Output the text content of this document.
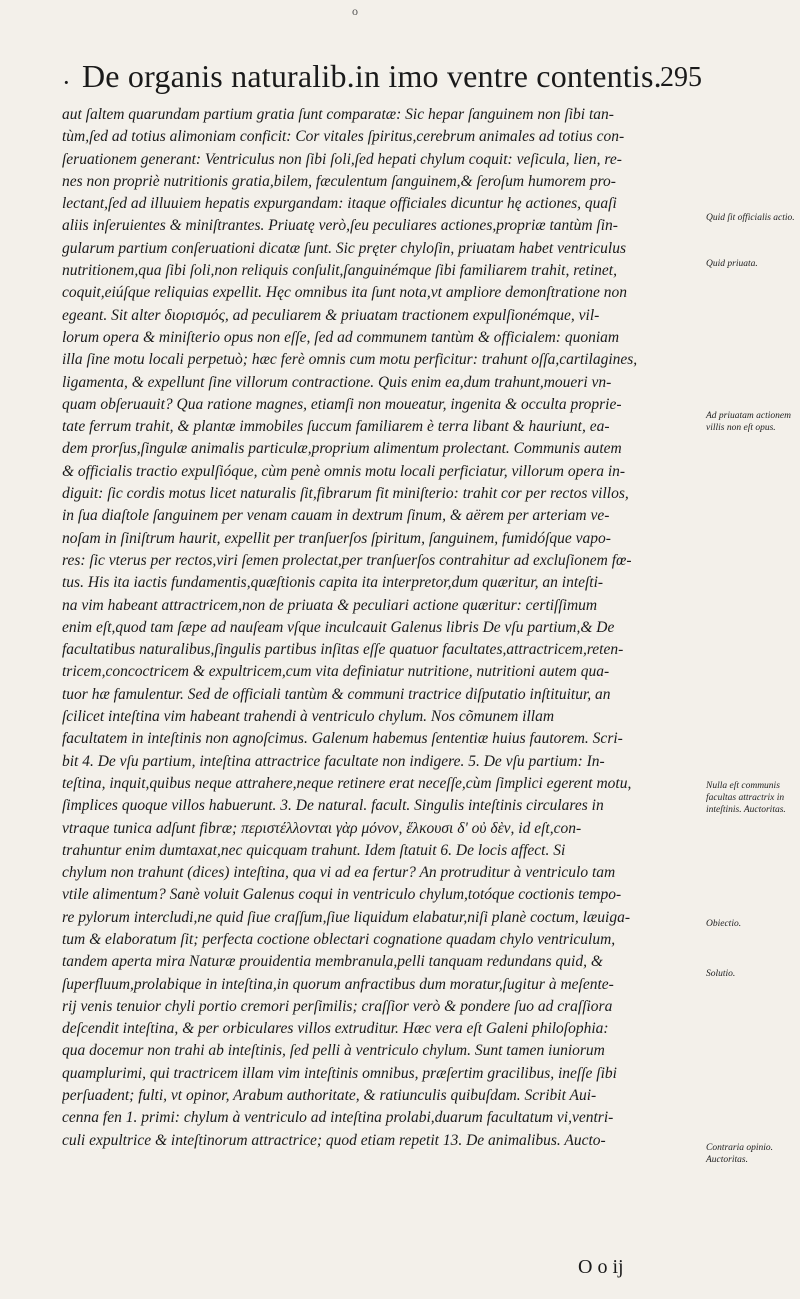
o
· De organis naturalib.in imo ventre contentis.
295
aut ſaltem quarundam partium gratia ſunt comparatæ: Sic hepar ſanguinem non ſibi tan-
tùm,ſed ad totius alimoniam conficit: Cor vitales ſpiritus,cerebrum animales ad totius con-
ſeruationem generant: Ventriculus non ſibi ſoli,ſed hepati chylum coquit: veſicula, lien, re-
nes non propriè nutritionis gratia,bilem, fæculentum ſanguinem,& ſeroſum humorem pro-
lectant,ſed ad illuuiem hepatis expurgandam: itaque officiales dicuntur hę actiones, quaſi
aliis inſeruientes & miniſtrantes. Priuatę verò,ſeu peculiares actiones,propriæ tantùm ſin-
gularum partium conſeruationi dicatæ ſunt. Sic pręter chyloſin, priuatam habet ventriculus
nutritionem,qua ſibi ſoli,non reliquis conſulit,ſanguinémque ſibi familiarem trahit, retinet,
coquit,eiúſque reliquias expellit. Hęc omnibus ita ſunt nota,vt ampliore demonſtratione non
egeant. Sit alter διορισμός, ad peculiarem & priuatam tractionem expulſionémque, vil-
lorum opera & miniſterio opus non eſſe, ſed ad communem tantùm & officialem: quoniam
illa ſine motu locali perpetuò; hæc ferè omnis cum motu perficitur: trahunt oſſa,cartilagines,
ligamenta, & expellunt ſine villorum contractione. Quis enim ea,dum trahunt,moueri vn-
quam obſeruauit? Qua ratione magnes, etiamſi non moueatur, ingenita & occulta proprie-
tate ferrum trahit, & plantæ immobiles ſuccum familiarem è terra libant & hauriunt, ea-
dem prorſus,ſingulæ animalis particulæ,proprium alimentum prolectant. Communis autem
& officialis tractio expulſióque, cùm penè omnis motu locali perficiatur, villorum opera in-
diguit: ſic cordis motus licet naturalis ſit,fibrarum fit miniſterio: trahit cor per rectos villos,
in ſua diaſtole ſanguinem per venam cauam in dextrum ſinum, & aërem per arteriam ve-
noſam in ſiniſtrum haurit, expellit per tranſuerſos ſpiritum, ſanguinem, fumidóſque vapo-
res: ſic vterus per rectos,viri ſemen prolectat,per tranſuerſos contrahitur ad excluſionem fœ-
tus. His ita iactis fundamentis,quæſtionis capita ita interpretor,dum quæritur, an inteſti-
na vim habeant attractricem,non de priuata & peculiari actione quæritur: certiſſimum
enim eſt,quod tam ſæpe ad nauſeam vſque inculcauit Galenus libris De vſu partium,& De
facultatibus naturalibus,ſingulis partibus inſitas eſſe quatuor facultates,attractricem,reten-
tricem,concoctricem & expultricem,cum vita definiatur nutritione, nutritioni autem qua-
tuor hæ famulentur. Sed de officiali tantùm & communi tractrice diſputatio inſtituitur, an
ſcilicet inteſtina vim habeant trahendi à ventriculo chylum. Nos cõmunem illam
facultatem in inteſtinis non agnoſcimus. Galenum habemus ſententiæ huius fautorem. Scri-
bit 4. De vſu partium, inteſtina attractrice facultate non indigere. 5. De vſu partium: In-
teſtina, inquit,quibus neque attrahere,neque retinere erat neceſſe,cùm ſimplici egerent motu,
ſimplices quoque villos habuerunt. 3. De natural. facult. Singulis inteſtinis circulares in
vtraque tunica adſunt fibræ; περιστέλλονται γὰρ μόνον, ἕλκουσι δ' οὐ δὲν, id eſt,con-
trahuntur enim dumtaxat,nec quicquam trahunt. Idem ſtatuit 6. De locis affect. Si
chylum non trahunt (dices) inteſtina, qua vi ad ea fertur? An protruditur à ventriculo tam
vtile alimentum? Sanè voluit Galenus coqui in ventriculo chylum,totóque coctionis tempo-
re pylorum intercludi,ne quid ſiue craſſum,ſiue liquidum elabatur,niſi planè coctum, læuiga-
tum & elaboratum ſit; perfecta coctione oblectari cognatione quadam chylo ventriculum,
tandem aperta mira Naturæ prouidentia membranula,pelli tanquam redundans quid, &
ſuperfluum,prolabique in inteſtina,in quorum anfractibus dum moratur,ſugitur à meſente-
rij venis tenuior chyli portio cremori perſimilis; craſſior verò & pondere ſuo ad craſſiora
deſcendit inteſtina, & per orbiculares villos extruditur. Hæc vera eſt Galeni philoſophia:
qua docemur non trahi ab inteſtinis, ſed pelli à ventriculo chylum. Sunt tamen iuniorum
quamplurimi, qui tractricem illam vim inteſtinis omnibus, præſertim gracilibus, ineſſe ſibi
perſuadent; fulti, vt opinor, Arabum authoritate, & ratiunculis quibuſdam. Scribit Aui-
cenna fen 1. primi: chylum à ventriculo ad inteſtina prolabi,duarum facultatum vi,ventri-
culi expultrice & inteſtinorum attractrice; quod etiam repetit 13. De animalibus. Aucto-
Quid ſit officialis actio.
Quid priuata.
Ad priuatam actionem villis non eſt opus.
Nulla eſt communis facultas attractrix in inteſtinis. Auctoritas.
Obiectio.
Solutio.
Contraria opinio. Auctoritas.
O o ij
